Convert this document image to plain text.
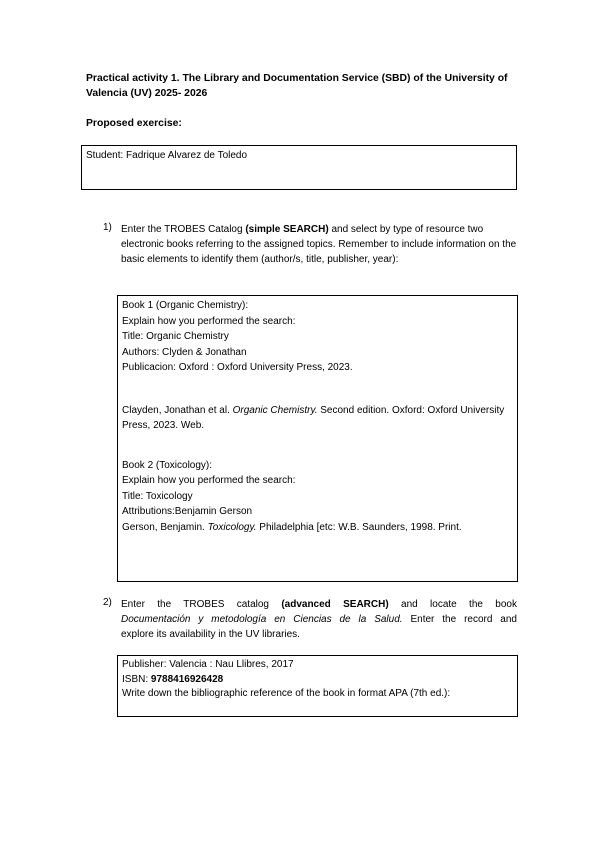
Practical activity 1. The Library and Documentation Service (SBD) of the University of Valencia (UV) 2025- 2026
Proposed exercise:
Student: Fadrique Alvarez de Toledo
1) Enter the TROBES Catalog (simple SEARCH) and select by type of resource two electronic books referring to the assigned topics. Remember to include information on the basic elements to identify them (author/s, title, publisher, year):
Book 1 (Organic Chemistry):
Explain how you performed the search:
Title: Organic Chemistry
Authors: Clyden & Jonathan
Publicacion: Oxford : Oxford University Press, 2023.
Clayden, Jonathan et al. Organic Chemistry. Second edition. Oxford: Oxford University Press, 2023. Web.
Book 2 (Toxicology):
Explain how you performed the search:
Title: Toxicology
Attributions:Benjamin Gerson
Gerson, Benjamin. Toxicology. Philadelphia [etc: W.B. Saunders, 1998. Print.
2) Enter the TROBES catalog (advanced SEARCH) and locate the book
Documentación y metodología en Ciencias de la Salud. Enter the record and
explore its availability in the UV libraries.
Publisher: Valencia : Nau Llibres, 2017
ISBN: 9788416926428
Write down the bibliographic reference of the book in format APA (7th ed.):
